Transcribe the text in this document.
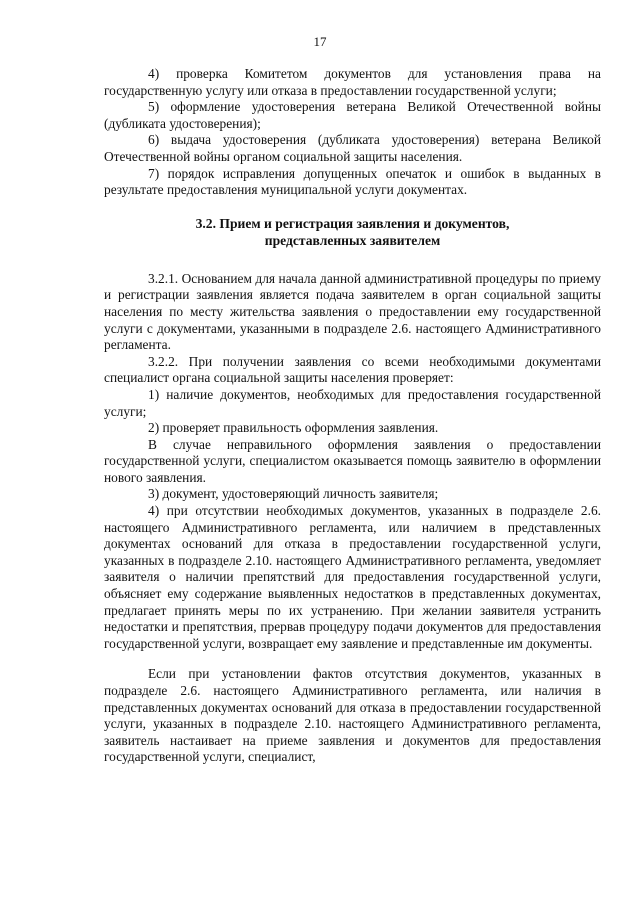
17

4) проверка Комитетом документов для установления права на государственную услугу или отказа в предоставлении государственной услуги;

5) оформление удостоверения ветерана Великой Отечественной войны (дубликата удостоверения);

6) выдача удостоверения (дубликата удостоверения) ветерана Великой Отечественной войны органом социальной защиты населения.

7) порядок исправления допущенных опечаток и ошибок в выданных в результате предоставления муниципальной услуги документах.

3.2. Прием и регистрация заявления и документов,
представленных заявителем

3.2.1. Основанием для начала данной административной процедуры по приему и регистрации заявления является подача заявителем в орган социальной защиты населения по месту жительства заявления о предоставлении ему государственной услуги с документами, указанными в подразделе 2.6. настоящего Административного регламента.

3.2.2. При получении заявления со всеми необходимыми документами специалист органа социальной защиты населения проверяет:

1) наличие документов, необходимых для предоставления государственной услуги;

2) проверяет правильность оформления заявления.

В случае неправильного оформления заявления о предоставлении государственной услуги, специалистом оказывается помощь заявителю в оформлении нового заявления.

3) документ, удостоверяющий личность заявителя;

4) при отсутствии необходимых документов, указанных в подразделе 2.6. настоящего Административного регламента, или наличием в представленных документах оснований для отказа в предоставлении государственной услуги, указанных в подразделе 2.10. настоящего Административного регламента, уведомляет заявителя о наличии препятствий для предоставления государственной услуги, объясняет ему содержание выявленных недостатков в представленных документах, предлагает принять меры по их устранению. При желании заявителя устранить недостатки и препятствия, прервав процедуру подачи документов для предоставления государственной услуги, возвращает ему заявление и представленные им документы.

Если при установлении фактов отсутствия документов, указанных в подразделе 2.6. настоящего Административного регламента, или наличия в представленных документах оснований для отказа в предоставлении государственной услуги, указанных в подразделе 2.10. настоящего Административного регламента, заявитель настаивает на приеме заявления и документов для предоставления государственной услуги, специалист,
